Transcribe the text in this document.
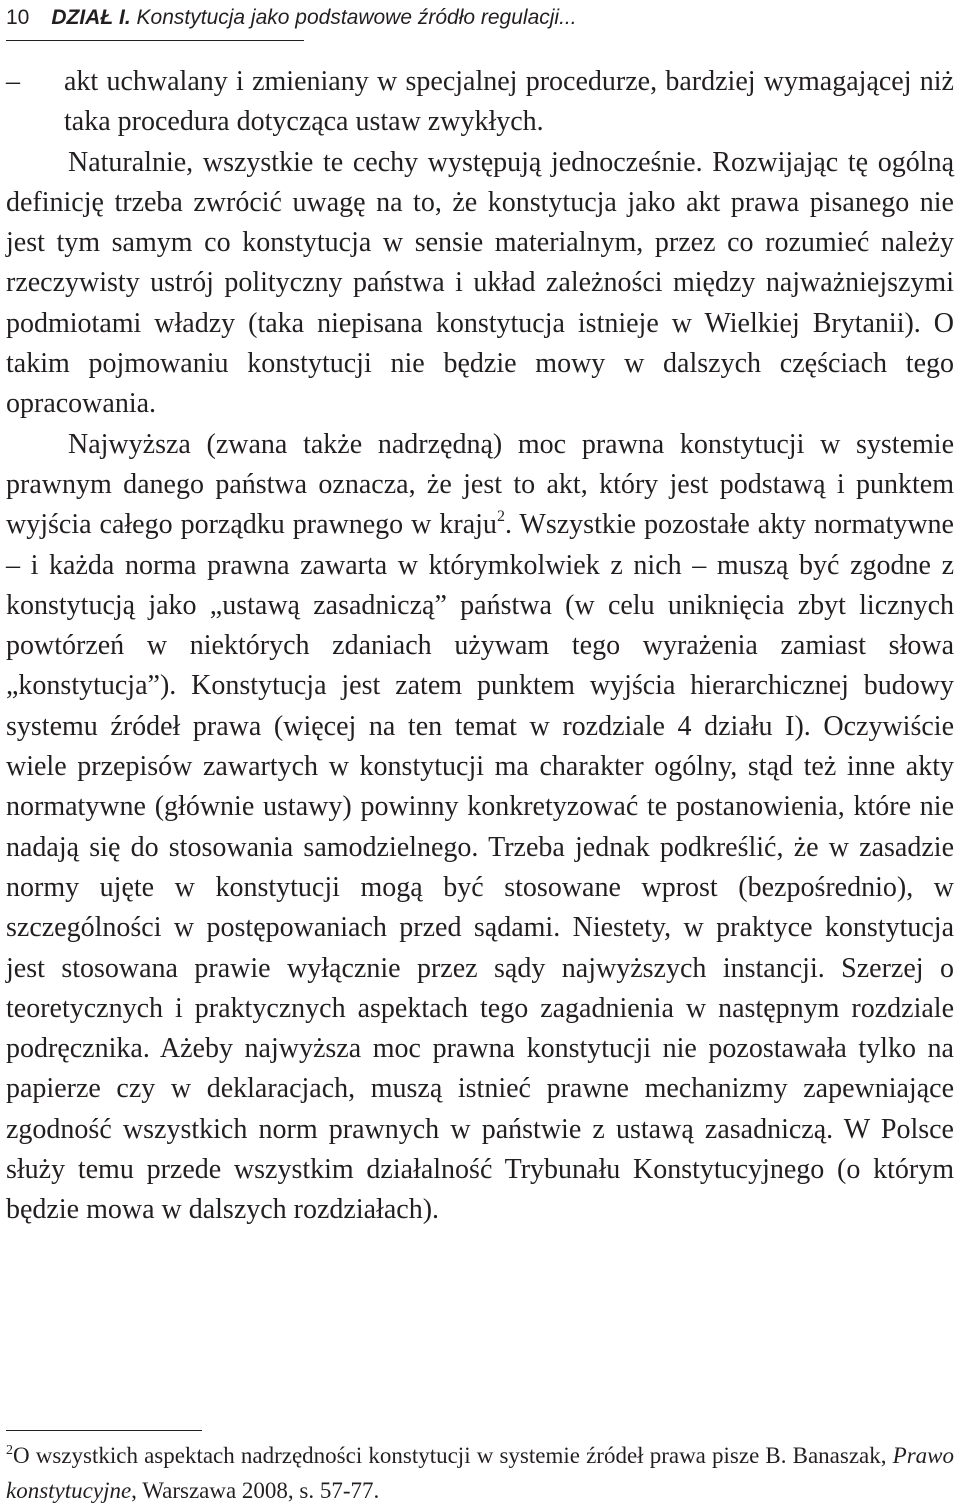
10 DZIAŁ I. Konstytucja jako podstawowe źródło regulacji...

– akt uchwalany i zmieniany w specjalnej procedurze, bardziej wymagającej niż taka procedura dotycząca ustaw zwykłych.

Naturalnie, wszystkie te cechy występują jednocześnie. Rozwijając tę ogólną definicję trzeba zwrócić uwagę na to, że konstytucja jako akt prawa pisanego nie jest tym samym co konstytucja w sensie materialnym, przez co rozumieć należy rzeczywisty ustrój polityczny państwa i układ zależności między najważniejszymi podmiotami władzy (taka niepisana konstytucja istnieje w Wielkiej Brytanii). O takim pojmowaniu konstytucji nie będzie mowy w dalszych częściach tego opracowania.

Najwyższa (zwana także nadrzędną) moc prawna konstytucji w systemie prawnym danego państwa oznacza, że jest to akt, który jest podstawą i punktem wyjścia całego porządku prawnego w kraju$^2$. Wszystkie pozostałe akty normatywne – i każda norma prawna zawarta w którymkolwiek z nich – muszą być zgodne z konstytucją jako „ustawą zasadniczą” państwa (w celu uniknięcia zbyt licznych powtórzeń w niektórych zdaniach używam tego wyrażenia zamiast słowa „konstytucja”). Konstytucja jest zatem punktem wyjścia hierarchicznej budowy systemu źródeł prawa (więcej na ten temat w rozdziale 4 działu I). Oczywiście wiele przepisów zawartych w konstytucji ma charakter ogólny, stąd też inne akty normatywne (głównie ustawy) powinny konkretyzować te postanowienia, które nie nadają się do stosowania samodzielnego. Trzeba jednak podkreślić, że w zasadzie normy ujęte w konstytucji mogą być stosowane wprost (bezpośrednio), w szczególności w postępowaniach przed sądami. Niestety, w praktyce konstytucja jest stosowana prawie wyłącznie przez sądy najwyższych instancji. Szerzej o teoretycznych i praktycznych aspektach tego zagadnienia w następnym rozdziale podręcznika. Ażeby najwyższa moc prawna konstytucji nie pozostawała tylko na papierze czy w deklaracjach, muszą istnieć prawne mechanizmy zapewniające zgodność wszystkich norm prawnych w państwie z ustawą zasadniczą. W Polsce służy temu przede wszystkim działalność Trybunału Konstytucyjnego (o którym będzie mowa w dalszych rozdziałach).

$^2$O wszystkich aspektach nadrzędności konstytucji w systemie źródeł prawa pisze B. Banaszak, Prawo konstytucyjne, Warszawa 2008, s. 57-77.
